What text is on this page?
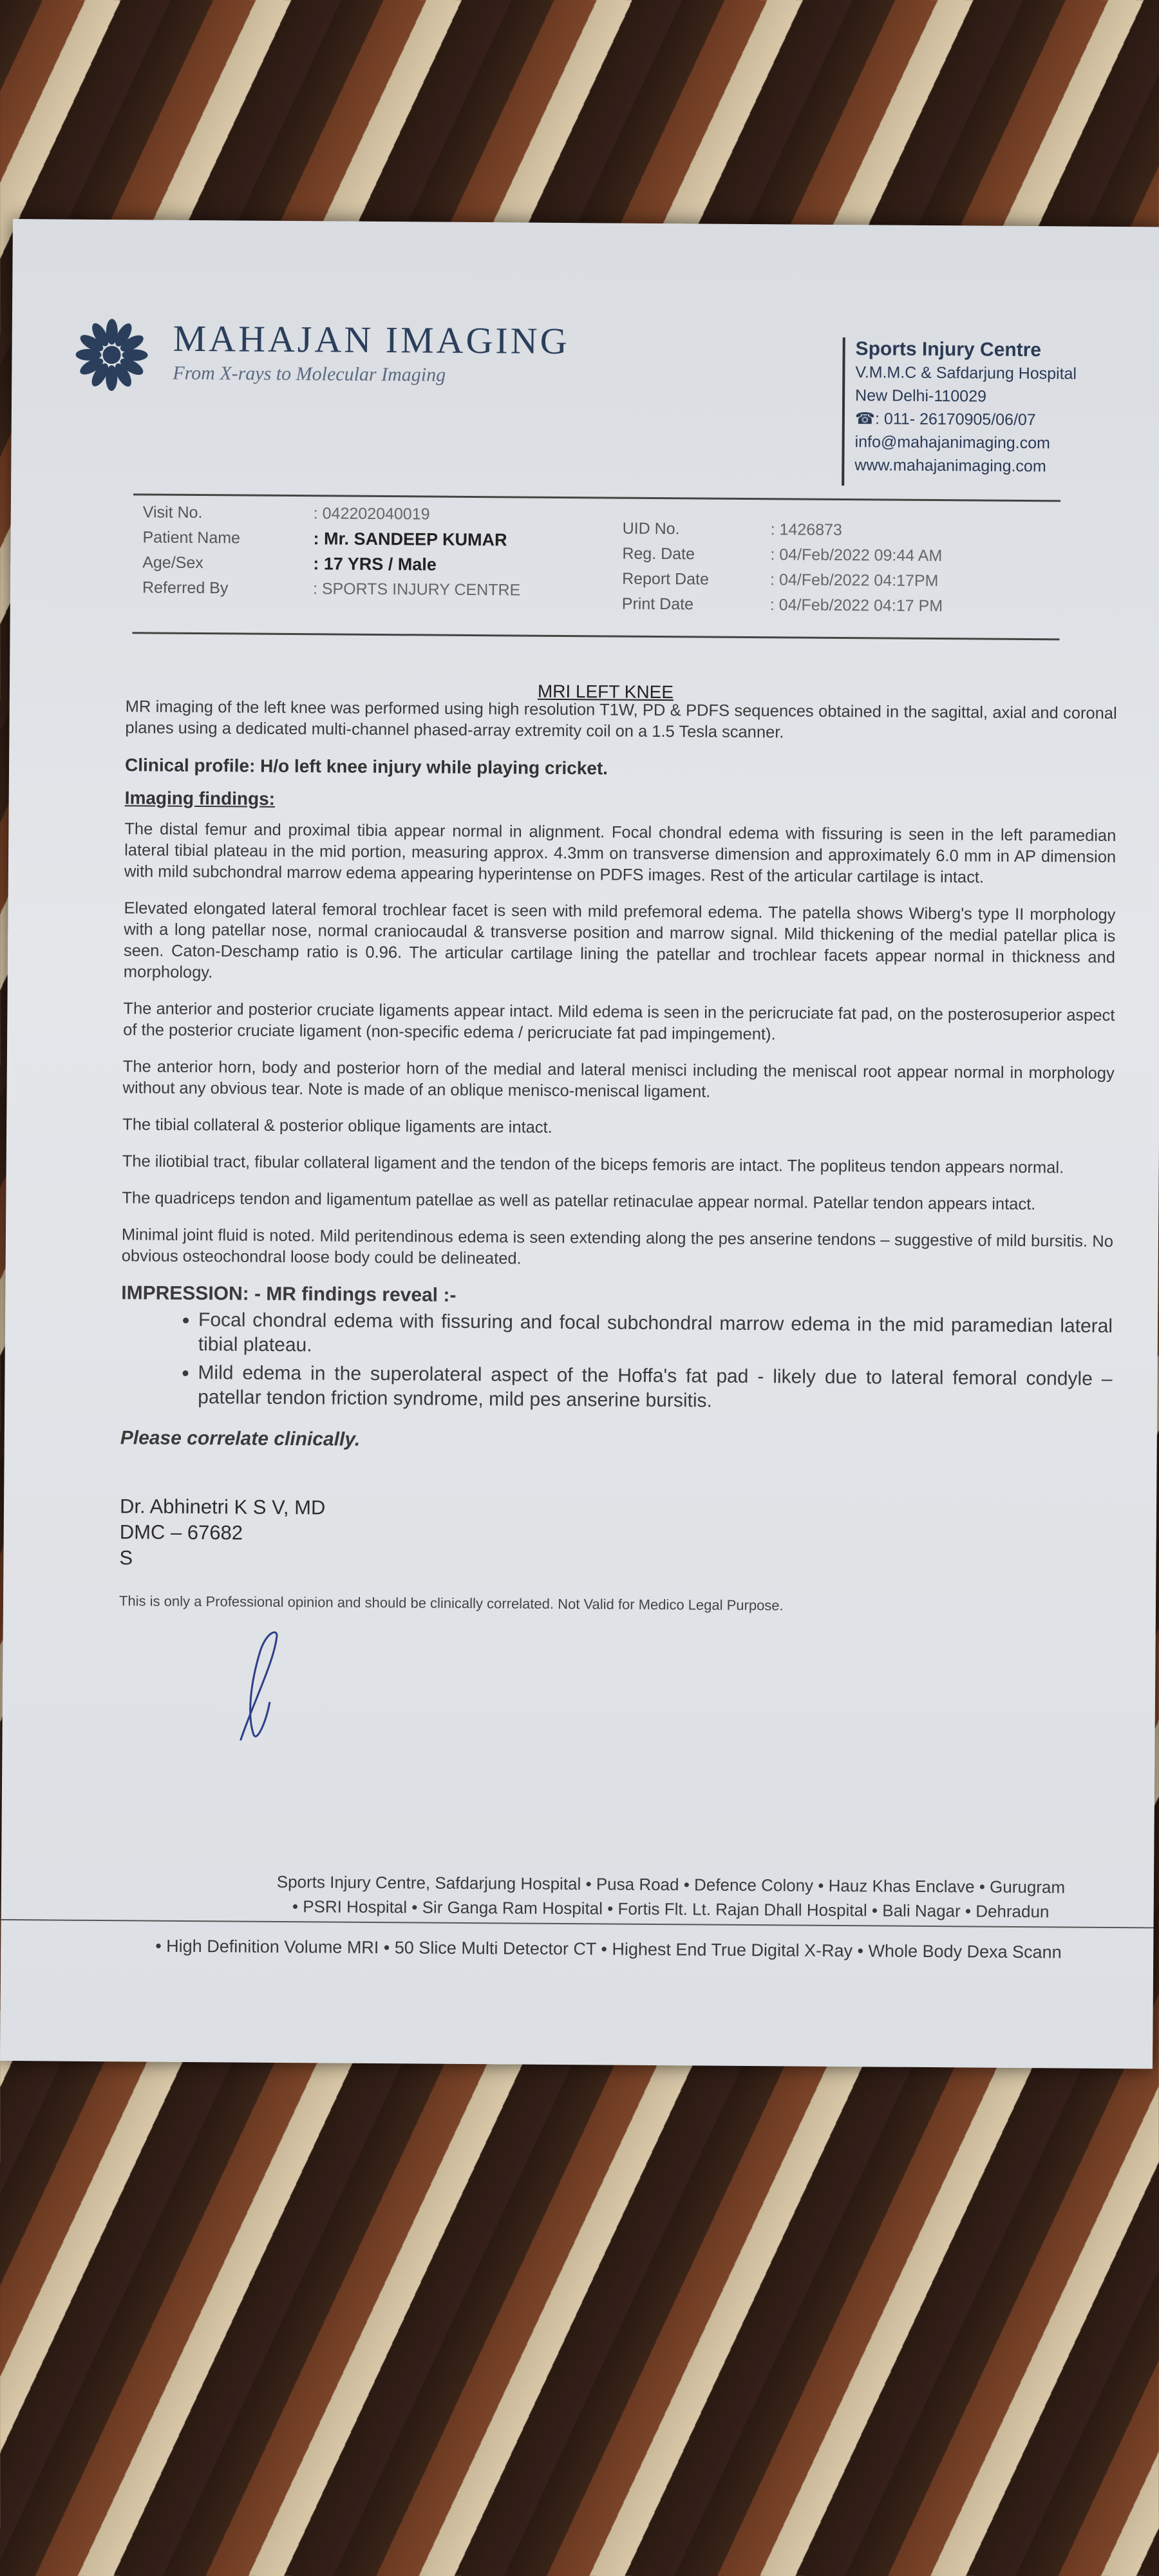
MAHAJAN IMAGING
From X-rays to Molecular Imaging
Sports Injury Centre
V.M.M.C & Safdarjung Hospital
New Delhi-110029
☎: 011- 26170905/06/07
info@mahajanimaging.com
www.mahajanimaging.com
Visit No.
Patient Name
Age/Sex
Referred By
: 042202040019
: Mr. SANDEEP KUMAR
: 17 YRS / Male
: SPORTS INJURY CENTRE
UID No.
Reg. Date
Report Date
Print Date
: 1426873
: 04/Feb/2022 09:44 AM
: 04/Feb/2022 04:17PM
: 04/Feb/2022 04:17 PM
MRI LEFT KNEE

MR imaging of the left knee was performed using high resolution T1W, PD & PDFS sequences obtained in the sagittal, axial and coronal planes using a dedicated multi-channel phased-array extremity coil on a 1.5 Tesla scanner.

Clinical profile: H/o left knee injury while playing cricket.
Imaging findings:

The distal femur and proximal tibia appear normal in alignment. Focal chondral edema with fissuring is seen in the left paramedian lateral tibial plateau in the mid portion, measuring approx. 4.3mm on transverse dimension and approximately 6.0 mm in AP dimension with mild subchondral marrow edema appearing hyperintense on PDFS images. Rest of the articular cartilage is intact.

Elevated elongated lateral femoral trochlear facet is seen with mild prefemoral edema. The patella shows Wiberg's type II morphology with a long patellar nose, normal craniocaudal & transverse position and marrow signal. Mild thickening of the medial patellar plica is seen. Caton-Deschamp ratio is 0.96. The articular cartilage lining the patellar and trochlear facets appear normal in thickness and morphology.

The anterior and posterior cruciate ligaments appear intact. Mild edema is seen in the pericruciate fat pad, on the posterosuperior aspect of the posterior cruciate ligament (non-specific edema / pericruciate fat pad impingement).

The anterior horn, body and posterior horn of the medial and lateral menisci including the meniscal root appear normal in morphology without any obvious tear. Note is made of an oblique menisco-meniscal ligament.

The tibial collateral & posterior oblique ligaments are intact.

The iliotibial tract, fibular collateral ligament and the tendon of the biceps femoris are intact. The popliteus tendon appears normal.

The quadriceps tendon and ligamentum patellae as well as patellar retinaculae appear normal. Patellar tendon appears intact.

Minimal joint fluid is noted. Mild peritendinous edema is seen extending along the pes anserine tendons – suggestive of mild bursitis. No obvious osteochondral loose body could be delineated.

IMPRESSION: - MR findings reveal :-
• Focal chondral edema with fissuring and focal subchondral marrow edema in the mid paramedian lateral tibial plateau.
• Mild edema in the superolateral aspect of the Hoffa's fat pad - likely due to lateral femoral condyle – patellar tendon friction syndrome, mild pes anserine bursitis.
Please correlate clinically.
Dr. Abhinetri K S V, MD
DMC – 67682
S
This is only a Professional opinion and should be clinically correlated. Not Valid for Medico Legal Purpose.
Sports Injury Centre, Safdarjung Hospital • Pusa Road • Defence Colony • Hauz Khas Enclave • Gurugram
• PSRI Hospital • Sir Ganga Ram Hospital • Fortis Flt. Lt. Rajan Dhall Hospital • Bali Nagar • Dehradun
• High Definition Volume MRI • 50 Slice Multi Detector CT • Highest End True Digital X-Ray • Whole Body Dexa Scann
